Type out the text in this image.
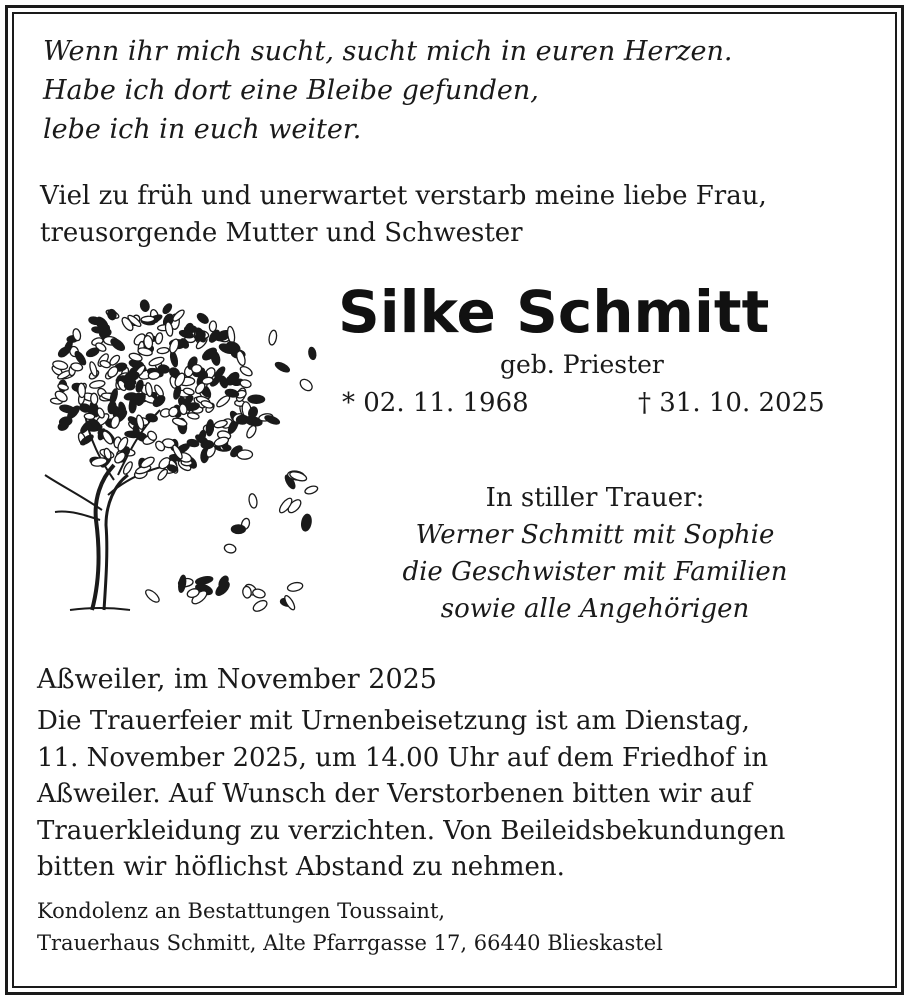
Wenn ihr mich sucht, sucht mich in euren Herzen.
Habe ich dort eine Bleibe gefunden,
lebe ich in euch weiter.
Viel zu früh und unerwartet verstarb meine liebe Frau,
treusorgende Mutter und Schwester
Silke Schmitt
geb. Priester
* 02. 11. 1968	† 31. 10. 2025
In stiller Trauer:
Werner Schmitt mit Sophie
die Geschwister mit Familien
sowie alle Angehörigen
Aßweiler, im November 2025
Die Trauerfeier mit Urnenbeisetzung ist am Dienstag,
11. November 2025, um 14.00 Uhr auf dem Friedhof in
Aßweiler. Auf Wunsch der Verstorbenen bitten wir auf
Trauerkleidung zu verzichten. Von Beileidsbekundungen
bitten wir höflichst Abstand zu nehmen.
Kondolenz an Bestattungen Toussaint,
Trauerhaus Schmitt, Alte Pfarrgasse 17, 66440 Blieskastel
